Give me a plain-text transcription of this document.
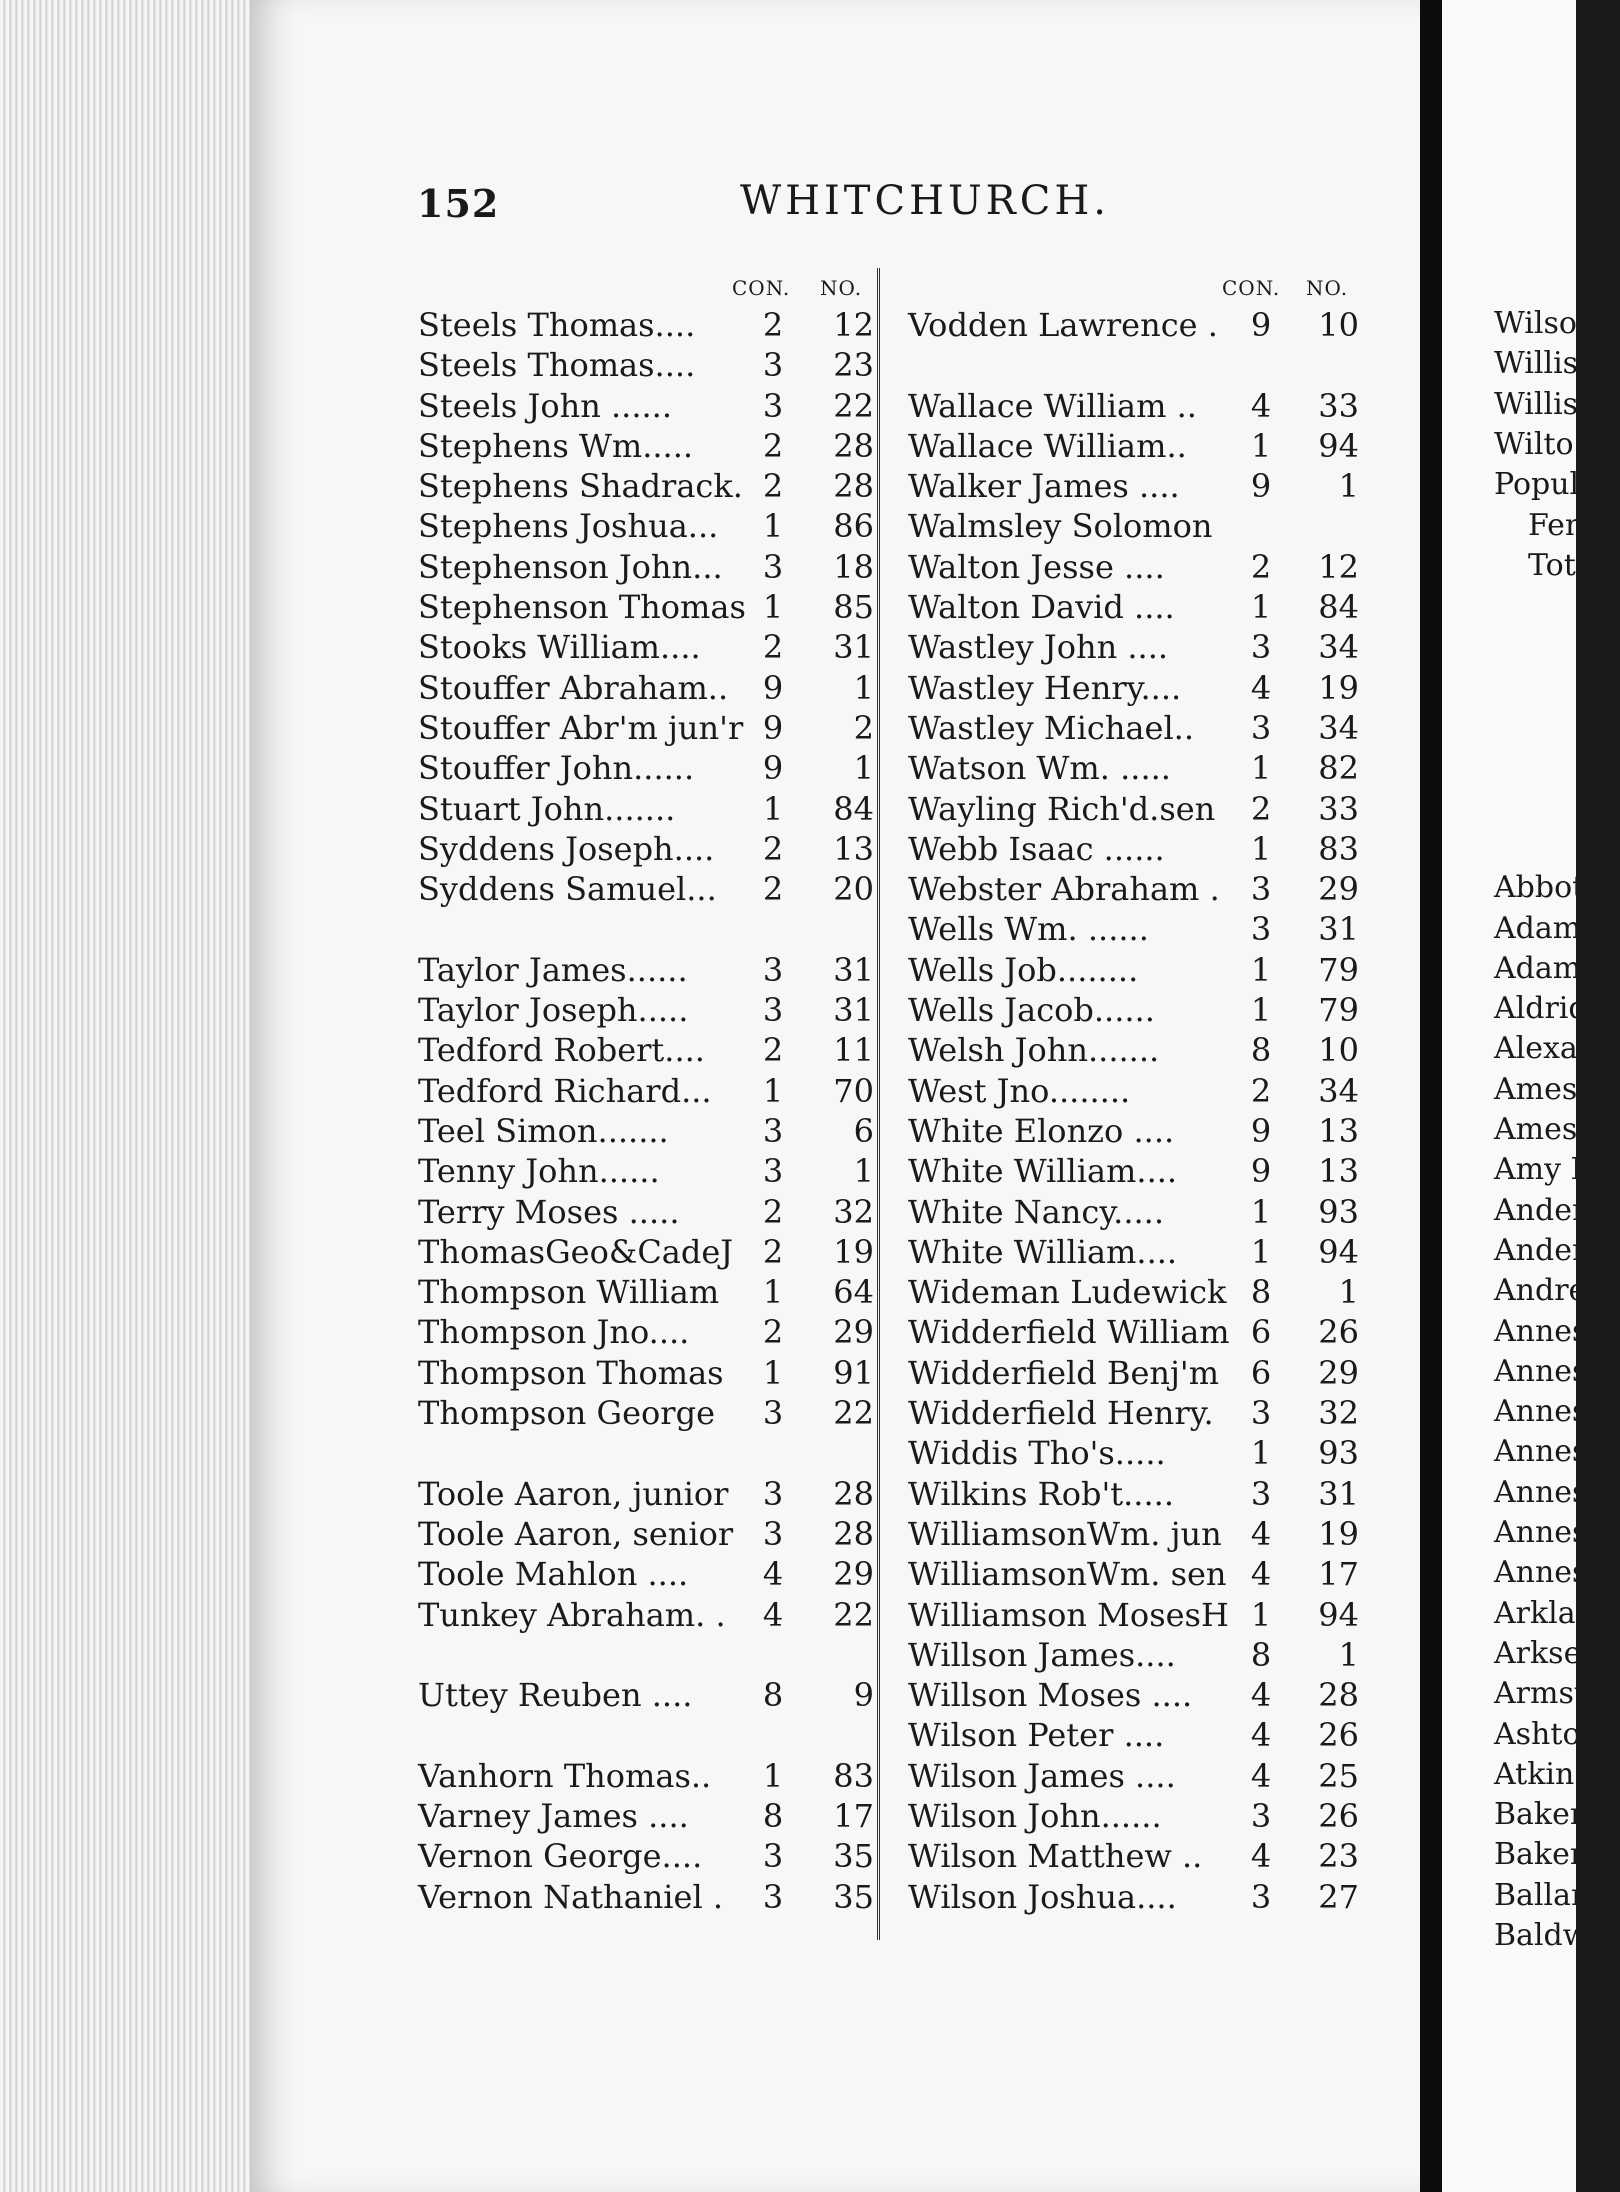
Wilso
Willis
Willis
Wilto
Popul
Fen
Tot
Abbot
Adams
Adams
Aldrid
Alexa
Ames
Amesb
Amy N
Anders
Anders
Andre
Annes
Annes
Annes
Annes
Annes
Annes
Annes
Arklan
Arksey
Armstr
Ashton
Atkinso
Baker
Baker N
Ballard
Baldwi
152	WHITCHURCH.
CON. NO.	CON. NO.
Steels Thomas....	2	12
Steels Thomas....	3	23
Steels John ......	3	22
Stephens Wm.....	2	28
Stephens Shadrack. 2	28
Stephens Joshua...	1	86
Stephenson John...	3	18
Stephenson Thomas 1	85
Stooks William....	2	31
Stouffer Abraham..	9	1
Stouffer Abr'm jun'r 9	2
Stouffer John......	9	1
Stuart John.......	1	84
Syddens Joseph....	2	13
Syddens Samuel...	2	20
Taylor James......	3	31
Taylor Joseph.....	3	31
Tedford Robert....	2	11
Tedford Richard...	1	70
Teel Simon.......	3	6
Tenny John......	3	1
Terry Moses .....	2	32
ThomasGeo&CadeJ 2	19
Thompson William	1	64
Thompson Jno....	2	29
Thompson Thomas	1	91
Thompson George	3	22
Toole Aaron, junior	3	28
Toole Aaron, senior 3	28
Toole Mahlon ....	4	29
Tunkey Abraham. .	4	22
Uttey Reuben ....	8	9
Vanhorn Thomas..	1	83
Varney James ....	8	17
Vernon George....	3	35
Vernon Nathaniel .	3	35
Vodden Lawrence .	9	10
Wallace William ..	4	33
Wallace William..	1	94
Walker James ....	9	1
Walmsley Solomon
Walton Jesse ....	2	12
Walton David ....	1	84
Wastley John ....	3	34
Wastley Henry....	4	19
Wastley Michael..	3	34
Watson Wm. .....	1	82
Wayling Rich'd.sen	2	33
Webb Isaac ......	1	83
Webster Abraham . 3	29
Wells Wm. ......	3	31
Wells Job........	1	79
Wells Jacob......	1	79
Welsh John.......	8	10
West Jno........	2	34
White Elonzo ....	9	13
White William....	9	13
White Nancy.....	1	93
White William....	1	94
Wideman Ludewick 8	1
Widderfield William 6	26
Widderfield Benj'm 6	29
Widderfield Henry.	3	32
Widdis Tho's.....	1	93
Wilkins Rob't.....	3	31
WilliamsonWm. jun 4	19
WilliamsonWm. sen 4	17
Williamson MosesH 1	94
Willson James....	8	1
Willson Moses ....	4	28
Wilson Peter ....	4	26
Wilson James ....	4	25
Wilson John......	3	26
Wilson Matthew ..	4	23
Wilson Joshua....	3	27
